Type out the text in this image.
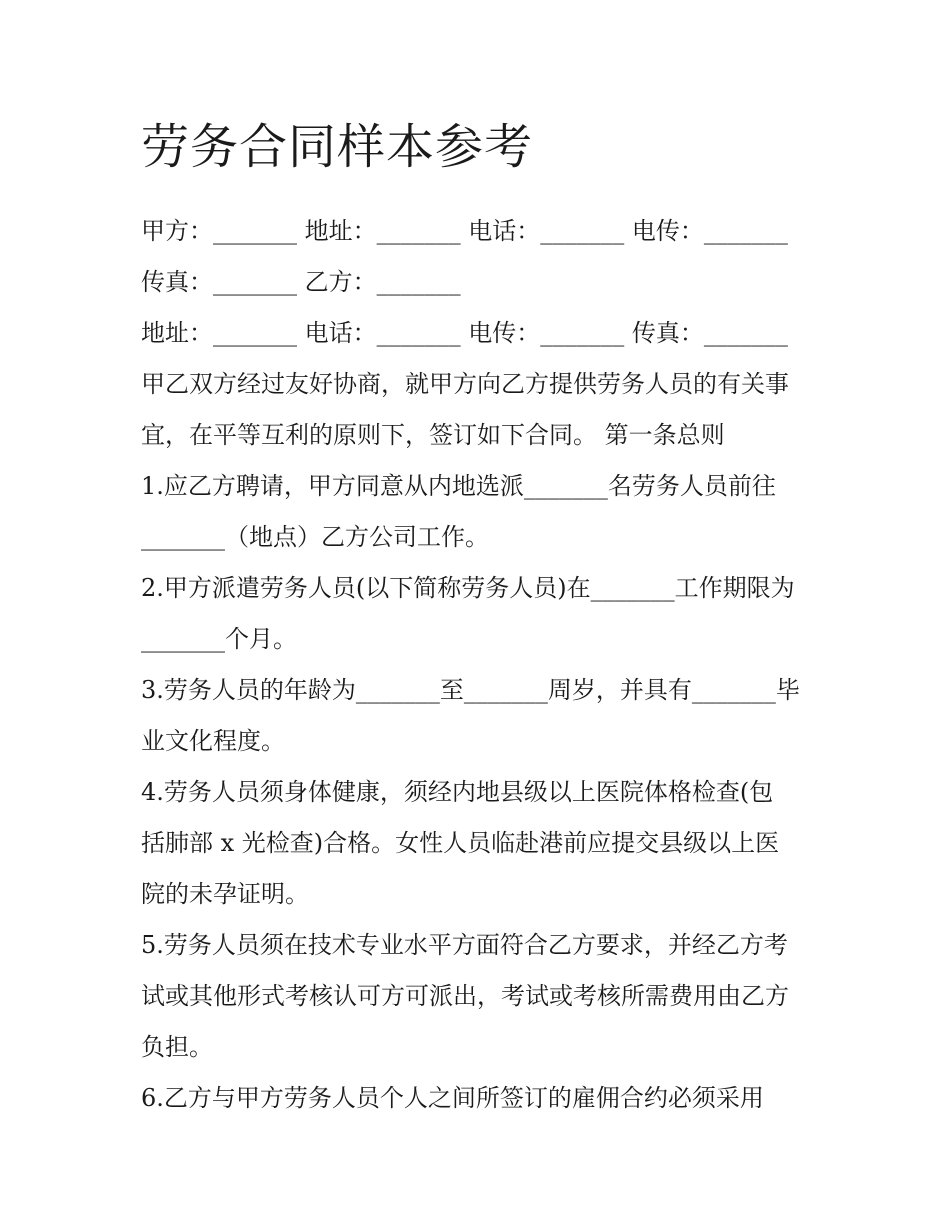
劳务合同样本参考

甲方：_______ 地址：_______ 电话：_______ 电传：_______

传真：_______ 乙方：_______

地址：_______ 电话：_______ 电传：_______ 传真：_______

甲乙双方经过友好协商，就甲方向乙方提供劳务人员的有关事

宜，在平等互利的原则下，签订如下合同。 第一条总则

1.应乙方聘请，甲方同意从内地选派_______名劳务人员前往

_______（地点）乙方公司工作。

2.甲方派遣劳务人员(以下简称劳务人员)在_______工作期限为

_______个月。

3.劳务人员的年龄为_______至_______周岁，并具有_______毕

业文化程度。

4.劳务人员须身体健康，须经内地县级以上医院体格检查(包

括肺部 x 光检查)合格。女性人员临赴港前应提交县级以上医

院的未孕证明。

5.劳务人员须在技术专业水平方面符合乙方要求，并经乙方考

试或其他形式考核认可方可派出，考试或考核所需费用由乙方

负担。

6.乙方与甲方劳务人员个人之间所签订的雇佣合约必须采用
